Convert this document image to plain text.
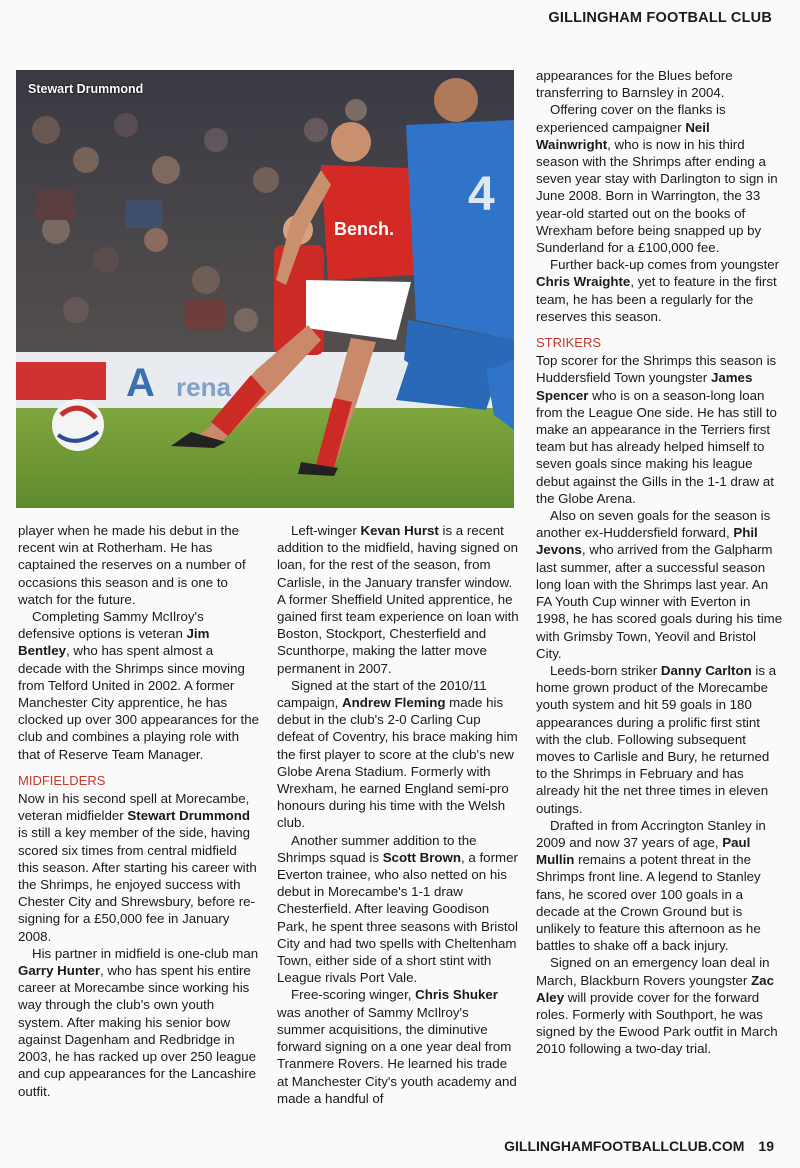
GILLINGHAM FOOTBALL CLUB
A rena
Bench.
4
Stewart Drummond

player when he made his debut in the recent win at Rotherham. He has captained the reserves on a number of occasions this season and is one to watch for the future.

Completing Sammy McIlroy's defensive options is veteran Jim Bentley, who has spent almost a decade with the Shrimps since moving from Telford United in 2002. A former Manchester City apprentice, he has clocked up over 300 appearances for the club and combines a playing role with that of Reserve Team Manager.

MIDFIELDERS

Now in his second spell at Morecambe, veteran midfielder Stewart Drummond is still a key member of the side, having scored six times from central midfield this season. After starting his career with the Shrimps, he enjoyed success with Chester City and Shrewsbury, before re-signing for a £50,000 fee in January 2008.

His partner in midfield is one-club man Garry Hunter, who has spent his entire career at Morecambe since working his way through the club's own youth system. After making his senior bow against Dagenham and Redbridge in 2003, he has racked up over 250 league and cup appearances for the Lancashire outfit.

Left-winger Kevan Hurst is a recent addition to the midfield, having signed on loan, for the rest of the season, from Carlisle, in the January transfer window. A former Sheffield United apprentice, he gained first team experience on loan with Boston, Stockport, Chesterfield and Scunthorpe, making the latter move permanent in 2007.

Signed at the start of the 2010/11 campaign, Andrew Fleming made his debut in the club's 2-0 Carling Cup defeat of Coventry, his brace making him the first player to score at the club's new Globe Arena Stadium. Formerly with Wrexham, he earned England semi-pro honours during his time with the Welsh club.

Another summer addition to the Shrimps squad is Scott Brown, a former Everton trainee, who also netted on his debut in Morecambe's 1-1 draw Chesterfield. After leaving Goodison Park, he spent three seasons with Bristol City and had two spells with Cheltenham Town, either side of a short stint with League rivals Port Vale.

Free-scoring winger, Chris Shuker was another of Sammy McIlroy's summer acquisitions, the diminutive forward signing on a one year deal from Tranmere Rovers. He learned his trade at Manchester City's youth academy and made a handful of

appearances for the Blues before transferring to Barnsley in 2004.

Offering cover on the flanks is experienced campaigner Neil Wainwright, who is now in his third season with the Shrimps after ending a seven year stay with Darlington to sign in June 2008. Born in Warrington, the 33 year-old started out on the books of Wrexham before being snapped up by Sunderland for a £100,000 fee.

Further back-up comes from youngster Chris Wraighte, yet to feature in the first team, he has been a regularly for the reserves this season.

STRIKERS

Top scorer for the Shrimps this season is Huddersfield Town youngster James Spencer who is on a season-long loan from the League One side. He has still to make an appearance in the Terriers first team but has already helped himself to seven goals since making his league debut against the Gills in the 1-1 draw at the Globe Arena.

Also on seven goals for the season is another ex-Huddersfield forward, Phil Jevons, who arrived from the Galpharm last summer, after a successful season long loan with the Shrimps last year. An FA Youth Cup winner with Everton in 1998, he has scored goals during his time with Grimsby Town, Yeovil and Bristol City.

Leeds-born striker Danny Carlton is a home grown product of the Morecambe youth system and hit 59 goals in 180 appearances during a prolific first stint with the club. Following subsequent moves to Carlisle and Bury, he returned to the Shrimps in February and has already hit the net three times in eleven outings.

Drafted in from Accrington Stanley in 2009 and now 37 years of age, Paul Mullin remains a potent threat in the Shrimps front line. A legend to Stanley fans, he scored over 100 goals in a decade at the Crown Ground but is unlikely to feature this afternoon as he battles to shake off a back injury.

Signed on an emergency loan deal in March, Blackburn Rovers youngster Zac Aley will provide cover for the forward roles. Formerly with Southport, he was signed by the Ewood Park outfit in March 2010 following a two-day trial.

GILLINGHAMFOOTBALLCLUB.COM 19
